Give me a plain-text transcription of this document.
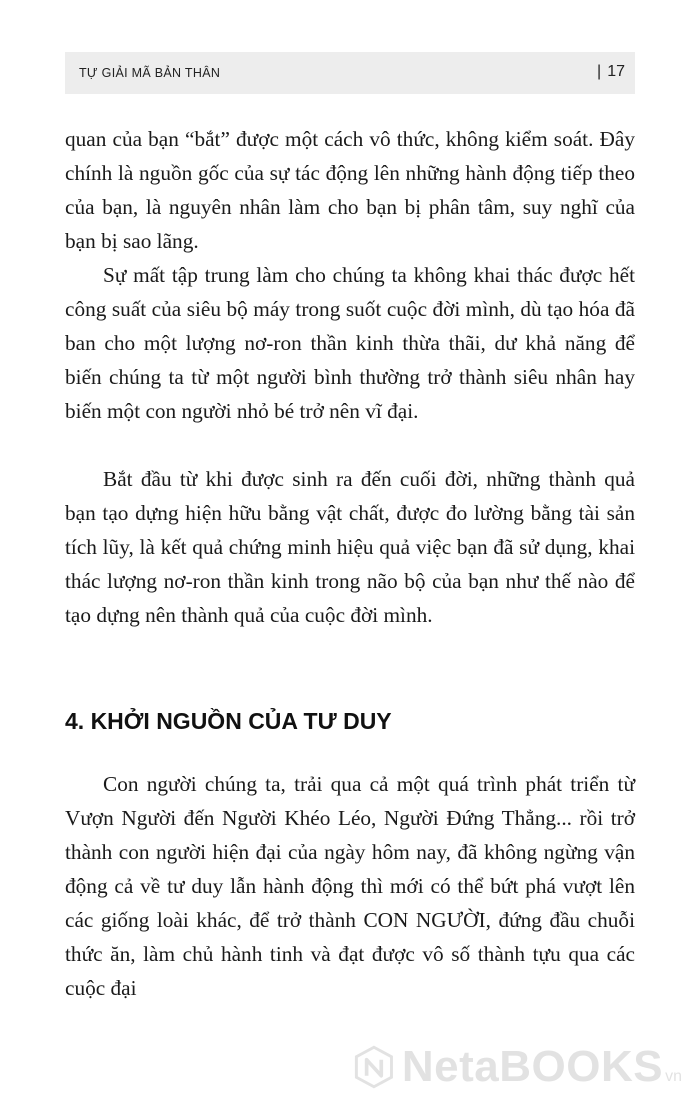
TỰ GIẢI MÃ BẢN THÂN	| 17

quan của bạn “bắt” được một cách vô thức, không kiểm soát. Đây chính là nguồn gốc của sự tác động lên những hành động tiếp theo của bạn, là nguyên nhân làm cho bạn bị phân tâm, suy nghĩ của bạn bị sao lãng.

Sự mất tập trung làm cho chúng ta không khai thác được hết công suất của siêu bộ máy trong suốt cuộc đời mình, dù tạo hóa đã ban cho một lượng nơ-ron thần kinh thừa thãi, dư khả năng để biến chúng ta từ một người bình thường trở thành siêu nhân hay biến một con người nhỏ bé trở nên vĩ đại.

Bắt đầu từ khi được sinh ra đến cuối đời, những thành quả bạn tạo dựng hiện hữu bằng vật chất, được đo lường bằng tài sản tích lũy, là kết quả chứng minh hiệu quả việc bạn đã sử dụng, khai thác lượng nơ-ron thần kinh trong não bộ của bạn như thế nào để tạo dựng nên thành quả của cuộc đời mình.

4. KHỞI NGUỒN CỦA TƯ DUY

Con người chúng ta, trải qua cả một quá trình phát triển từ Vượn Người đến Người Khéo Léo, Người Đứng Thẳng... rồi trở thành con người hiện đại của ngày hôm nay, đã không ngừng vận động cả về tư duy lẫn hành động thì mới có thể bứt phá vượt lên các giống loài khác, để trở thành CON NGƯỜI, đứng đầu chuỗi thức ăn, làm chủ hành tinh và đạt được vô số thành tựu qua các cuộc đại

NetaBOOKS vn
